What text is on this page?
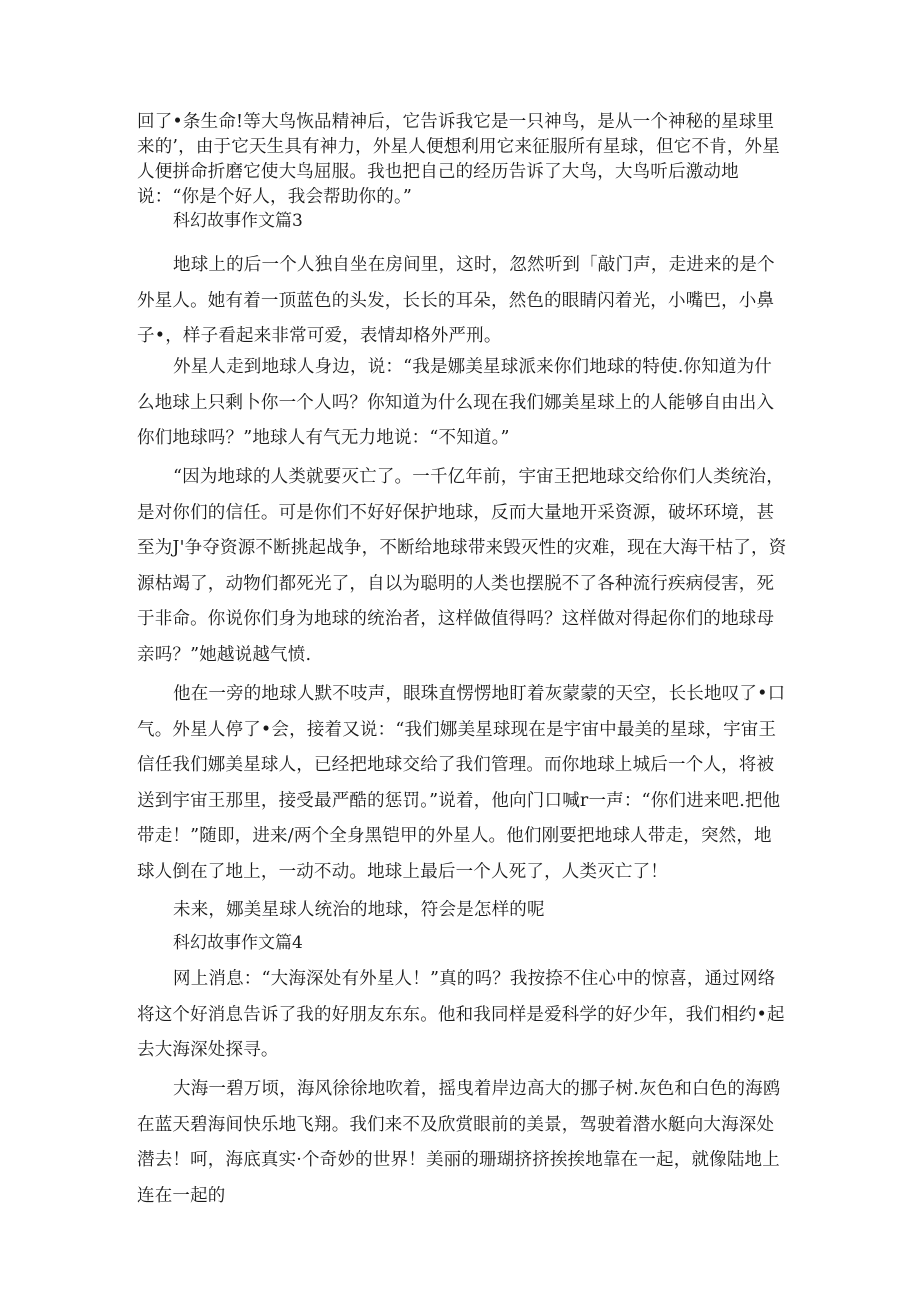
回了•条生命!等大鸟恢品精神后，它告诉我它是一只神鸟，是从一个神秘的星球里来的’，由于它天生具有神力，外星人便想利用它来征服所有星球，但它不肯，外星人便拼命折磨它使大鸟屈服。我也把自己的经历告诉了大鸟，大鸟听后激动地说：“你是个好人，我会帮助你的。”

科幻故事作文篇3

地球上的后一个人独自坐在房间里，这时，忽然听到「敲门声，走进来的是个外星人。她有着一顶蓝色的头发，长长的耳朵，然色的眼睛闪着光，小嘴巴，小鼻子•，样子看起来非常可爱，表情却格外严刑。

外星人走到地球人身边，说：“我是娜美星球派来你们地球的特使.你知道为什么地球上只剩卜你一个人吗？你知道为什么现在我们娜美星球上的人能够自由出入你们地球吗？”地球人有气无力地说：“不知道。”

“因为地球的人类就要灭亡了。一千亿年前，宇宙王把地球交给你们人类统治，是对你们的信任。可是你们不好好保护地球，反而大量地开采资源，破坏环境，甚至为J'争夺资源不断挑起战争，不断给地球带来毁灭性的灾难，现在大海干枯了，资源枯竭了，动物们都死光了，自以为聪明的人类也摆脱不了各种流行疾病侵害，死于非命。你说你们身为地球的统治者，这样做值得吗？这样做对得起你们的地球母亲吗？”她越说越气愤.

他在一旁的地球人默不吱声，眼珠直愣愣地盯着灰蒙蒙的天空，长长地叹了•口气。外星人停了•会，接着又说：“我们娜美星球现在是宇宙中最美的星球，宇宙王信任我们娜美星球人，已经把地球交给了我们管理。而你地球上城后一个人，将被送到宇宙王那里，接受最严酷的惩罚。”说着，他向门口喊r一声：“你们进来吧.把他带走！”随即，进来/两个全身黑铠甲的外星人。他们刚要把地球人带走，突然，地球人倒在了地上，一动不动。地球上最后一个人死了，人类灭亡了！

未来，娜美星球人统治的地球，符会是怎样的呢

科幻故事作文篇4

网上消息：“大海深处有外星人！”真的吗？我按捺不住心中的惊喜，通过网络将这个好消息告诉了我的好朋友东东。他和我同样是爱科学的好少年，我们相约•起去大海深处探寻。

大海一碧万顷，海风徐徐地吹着，摇曳着岸边高大的挪子树.灰色和白色的海鸥在蓝天碧海间快乐地飞翔。我们来不及欣赏眼前的美景，驾驶着潜水艇向大海深处潜去！呵，海底真实·个奇妙的世界！美丽的珊瑚挤挤挨挨地靠在一起，就像陆地上连在一起的
